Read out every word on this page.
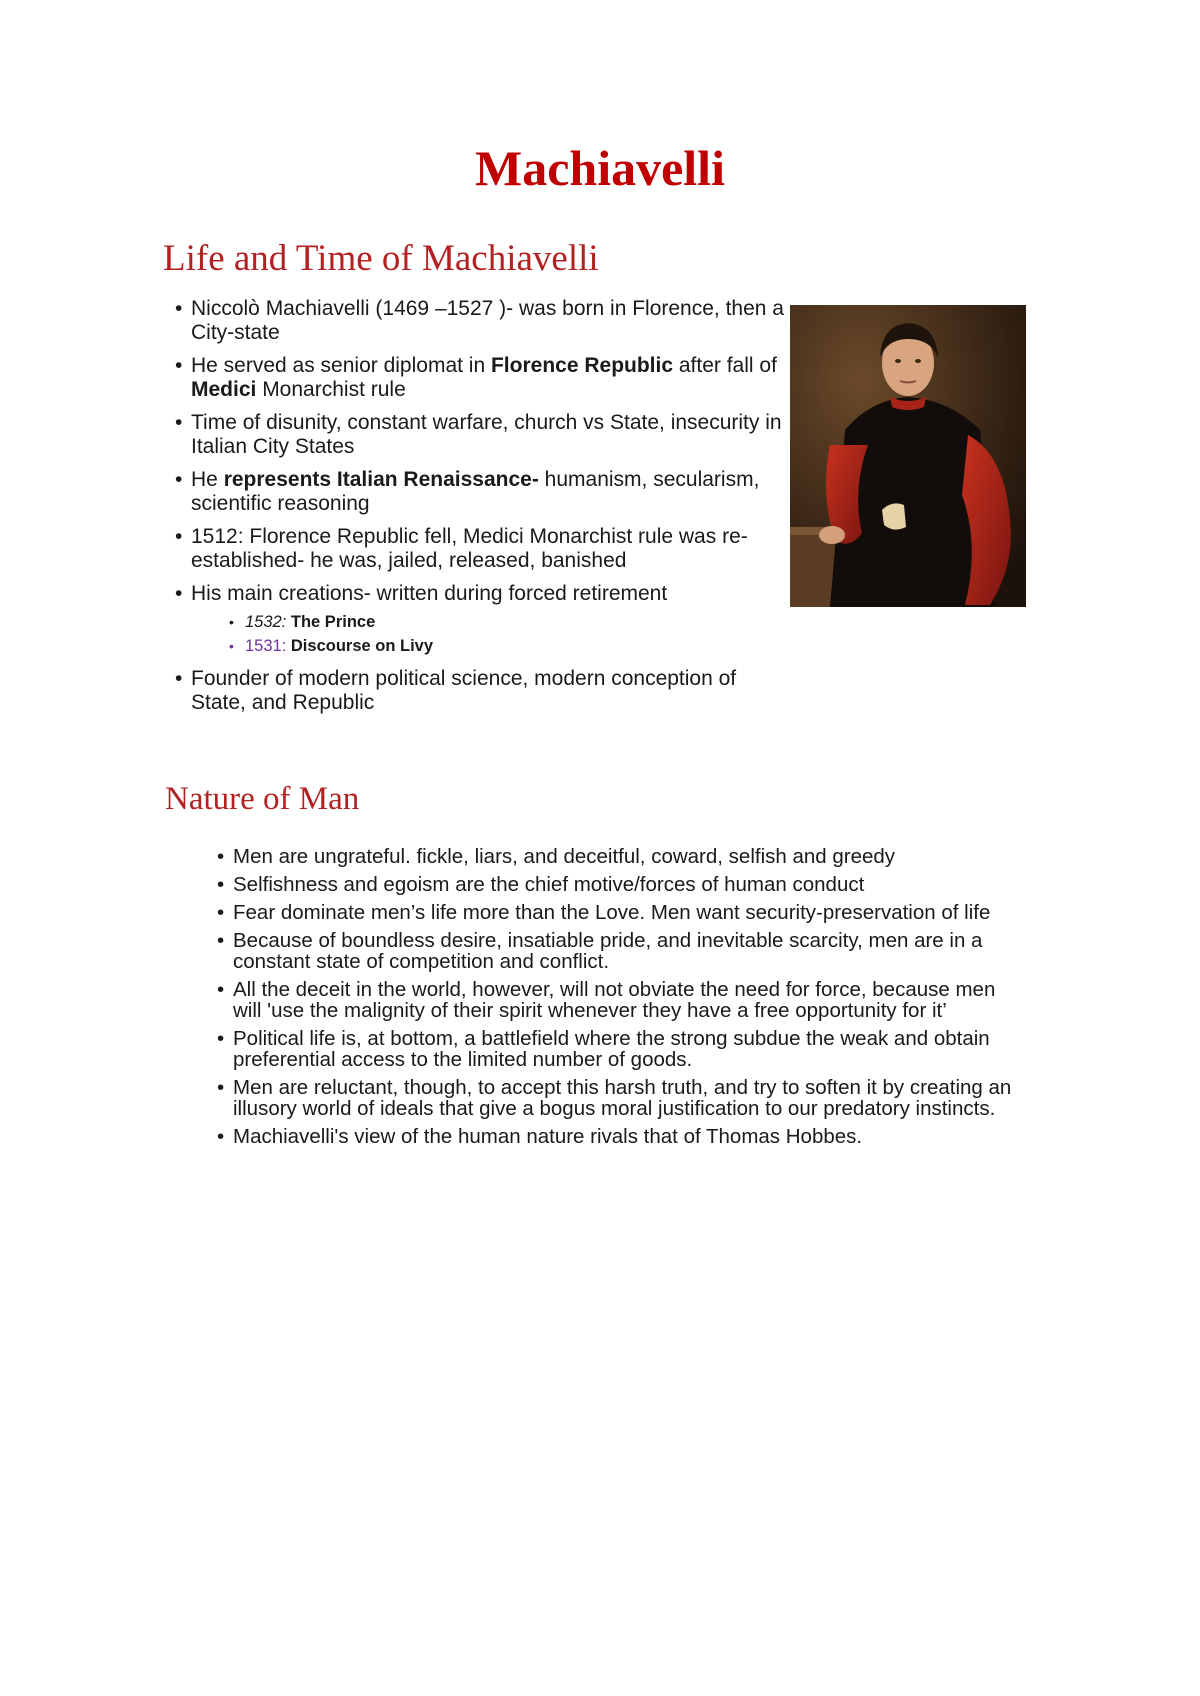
Machiavelli
Life and Time of Machiavelli
• Niccolò Machiavelli (1469 –1527 )- was born in Florence, then a City-state
• He served as senior diplomat in Florence Republic after fall of Medici Monarchist rule
• Time of disunity, constant warfare, church vs State, insecurity in Italian City States
• He represents Italian Renaissance- humanism, secularism, scientific reasoning
• 1512: Florence Republic fell, Medici Monarchist rule was re-established- he was, jailed, released, banished
• His main creations- written during forced retirement
• 1532: The Prince
• 1531: Discourse on Livy
• Founder of modern political science, modern conception of State, and Republic
Nature of Man
• Men are ungrateful. fickle, liars, and deceitful, coward, selfish and greedy
• Selfishness and egoism are the chief motive/forces of human conduct
• Fear dominate men’s life more than the Love. Men want security-preservation of life
• Because of boundless desire, insatiable pride, and inevitable scarcity, men are in a constant state of competition and conflict.
• All the deceit in the world, however, will not obviate the need for force, because men will 'use the malignity of their spirit whenever they have a free opportunity for it’
• Political life is, at bottom, a battlefield where the strong subdue the weak and obtain preferential access to the limited number of goods.
• Men are reluctant, though, to accept this harsh truth, and try to soften it by creating an illusory world of ideals that give a bogus moral justification to our predatory instincts.
• Machiavelli's view of the human nature rivals that of Thomas Hobbes.
